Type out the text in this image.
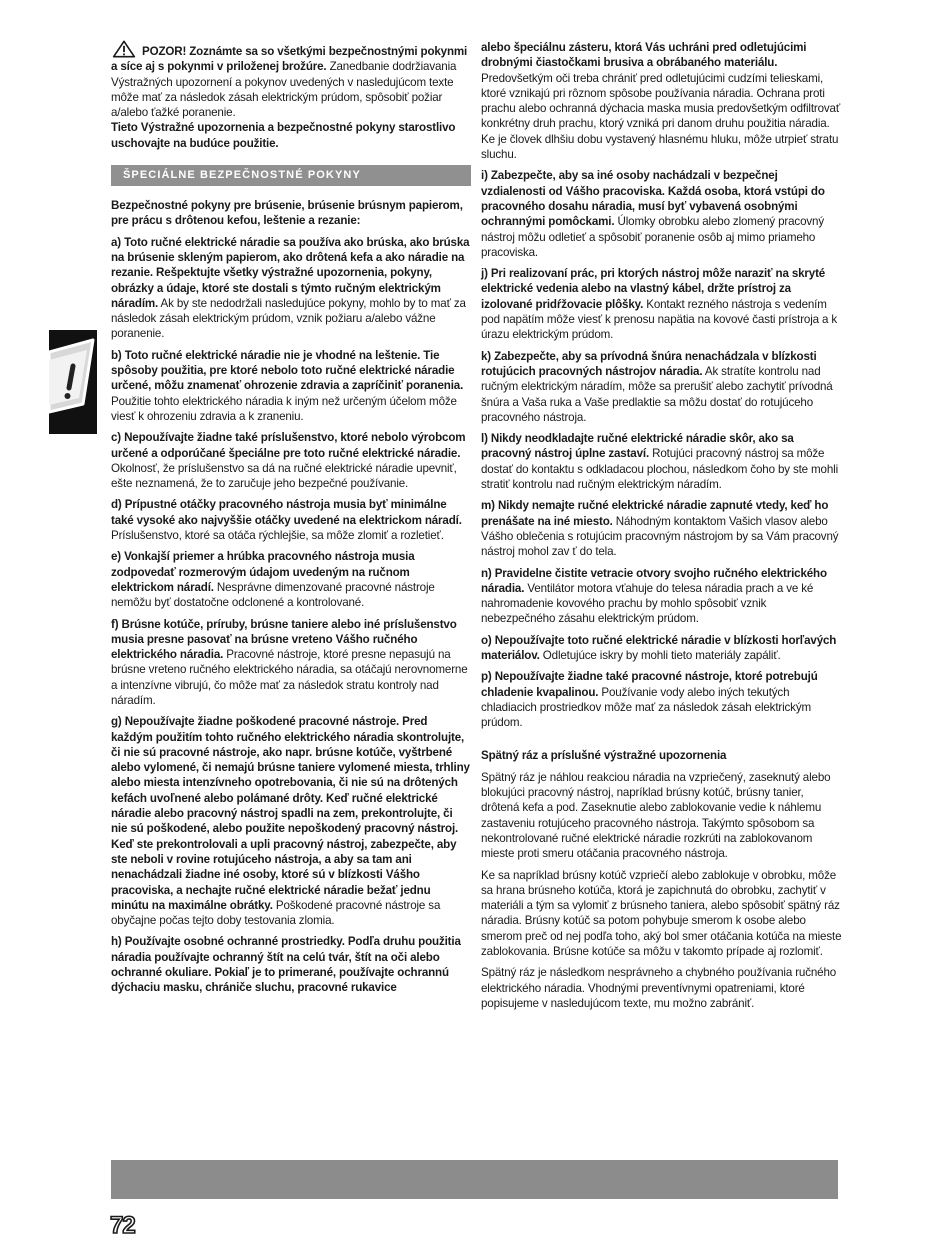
POZOR! Zoznámte sa so všetkými bezpečnostnými pokynmi a síce aj s pokynmi v priloženej brožúre. Zanedbanie dodržiavania Výstražných upozornení a pokynov uvedených v nasledujúcom texte môže mať za následok zásah elektrickým prúdom, spôsobiť požiar a/alebo ťažké poranenie.
Tieto Výstražné upozornenia a bezpečnostné pokyny starostlivo uschovajte na budúce použitie.

ŠPECIÁLNE BEZPEČNOSTNÉ POKYNY

Bezpečnostné pokyny pre brúsenie, brúsenie brúsnym papierom, pre prácu s drôtenou kefou, leštenie a rezanie:

a) Toto ručné elektrické náradie sa používa ako brúska, ako brúska na brúsenie skleným papierom, ako drôtená kefa a ako náradie na rezanie. Rešpektujte všetky výstražné upozornenia, pokyny, obrázky a údaje, ktoré ste dostali s týmto ručným elektrickým náradím. Ak by ste nedodržali nasledujúce pokyny, mohlo by to mať za následok zásah elektrickým prúdom, vznik požiaru a/alebo vážne poranenie.

b) Toto ručné elektrické náradie nie je vhodné na leštenie. Tie spôsoby použitia, pre ktoré nebolo toto ručné elektrické náradie určené, môžu znamenať ohrozenie zdravia a zapríčiniť poranenia. Použitie tohto elektrického náradia k iným než určeným účelom môže viesť k ohrozeniu zdravia a k zraneniu.

c) Nepoužívajte žiadne také príslušenstvo, ktoré nebolo výrobcom určené a odporúčané špeciálne pre toto ručné elektrické náradie. Okolnosť, že príslušenstvo sa dá na ručné elektrické náradie upevniť, ešte neznamená, že to zaručuje jeho bezpečné používanie.

d) Prípustné otáčky pracovného nástroja musia byť minimálne také vysoké ako najvyššie otáčky uvedené na elektrickom náradí. Príslušenstvo, ktoré sa otáča rýchlejšie, sa môže zlomiť a rozletieť.

e) Vonkajší priemer a hrúbka pracovného nástroja musia zodpovedať rozmerovým údajom uvedeným na ručnom elektrickom náradí. Nesprávne dimenzované pracovné nástroje nemôžu byť dostatočne odclonené a kontrolované.

f) Brúsne kotúče, príruby, brúsne taniere alebo iné príslušenstvo musia presne pasovať na brúsne vreteno Vášho ručného elektrického náradia. Pracovné nástroje, ktoré presne nepasujú na brúsne vreteno ručného elektrického náradia, sa otáčajú nerovnomerne a intenzívne vibrujú, čo môže mať za následok stratu kontroly nad náradím.

g) Nepoužívajte žiadne poškodené pracovné nástroje. Pred každým použitím tohto ručného elektrického náradia skontrolujte, či nie sú pracovné nástroje, ako napr. brúsne kotúče, vyštrbené alebo vylomené, či nemajú brúsne taniere vylomené miesta, trhliny alebo miesta intenzívneho opotrebovania, či nie sú na drôtených kefách uvoľnené alebo polámané drôty. Keď ručné elektrické náradie alebo pracovný nástroj spadli na zem, prekontrolujte, či nie sú poškodené, alebo použite nepoškodený pracovný nástroj. Keď ste prekontrolovali a upli pracovný nástroj, zabezpečte, aby ste neboli v rovine rotujúceho nástroja, a aby sa tam ani nenachádzali žiadne iné osoby, ktoré sú v blízkosti Vášho pracoviska, a nechajte ručné elektrické náradie bežať jednu minútu na maximálne obrátky. Poškodené pracovné nástroje sa obyčajne počas tejto doby testovania zlomia.

h) Používajte osobné ochranné prostriedky. Podľa druhu použitia náradia používajte ochranný štít na celú tvár, štít na oči alebo ochranné okuliare. Pokiaľ je to primerané, používajte ochrannú dýchaciu masku, chrániče sluchu, pracovné rukavice

alebo špeciálnu zásteru, ktorá Vás uchráni pred odletujúcimi drobnými čiastočkami brusiva a obrábaného materiálu. Predovšetkým oči treba chrániť pred odletujúcimi cudzími telieskami, ktoré vznikajú pri rôznom spôsobe používania náradia. Ochrana proti prachu alebo ochranná dýchacia maska musia predovšetkým odfiltrovať konkrétny druh prachu, ktorý vzniká pri danom druhu použitia náradia. Ke je človek dlhšiu dobu vystavený hlasnému hluku, môže utrpieť stratu sluchu.

i) Zabezpečte, aby sa iné osoby nachádzali v bezpečnej vzdialenosti od Vášho pracoviska. Každá osoba, ktorá vstúpi do pracovného dosahu náradia, musí byť vybavená osobnými ochrannými pomôckami. Úlomky obrobku alebo zlomený pracovný nástroj môžu odletieť a spôsobiť poranenie osôb aj mimo priameho pracoviska.

j) Pri realizovaní prác, pri ktorých nástroj môže naraziť na skryté elektrické vedenia alebo na vlastný kábel, držte prístroj za izolované pridŕžovacie plôšky. Kontakt rezného nástroja s vedením pod napätím môže viesť k prenosu napätia na kovové časti prístroja a k úrazu elektrickým prúdom.

k) Zabezpečte, aby sa prívodná šnúra nenachádzala v blízkosti rotujúcich pracovných nástrojov náradia. Ak stratíte kontrolu nad ručným elektrickým náradím, môže sa prerušiť alebo zachytiť prívodná šnúra a Vaša ruka a Vaše predlaktie sa môžu dostať do rotujúceho pracovného nástroja.

l) Nikdy neodkladajte ručné elektrické náradie skôr, ako sa pracovný nástroj úplne zastaví. Rotujúci pracovný nástroj sa môže dostať do kontaktu s odkladacou plochou, následkom čoho by ste mohli stratiť kontrolu nad ručným elektrickým náradím.

m) Nikdy nemajte ručné elektrické náradie zapnuté vtedy, keď ho prenášate na iné miesto. Náhodným kontaktom Vašich vlasov alebo Vášho oblečenia s rotujúcim pracovným nástrojom by sa Vám pracovný nástroj mohol zav ť do tela.

n) Pravidelne čistite vetracie otvory svojho ručného elektrického náradia. Ventilátor motora vťahuje do telesa náradia prach a ve ké nahromadenie kovového prachu by mohlo spôsobiť vznik nebezpečného zásahu elektrickým prúdom.

o) Nepoužívajte toto ručné elektrické náradie v blízkosti horľavých materiálov. Odletujúce iskry by mohli tieto materiály zapáliť.

p) Nepoužívajte žiadne také pracovné nástroje, ktoré potrebujú chladenie kvapalinou. Používanie vody alebo iných tekutých chladiacich prostriedkov môže mať za následok zásah elektrickým prúdom.

Spätný ráz a príslušné výstražné upozornenia

Spätný ráz je náhlou reakciou náradia na vzpriečený, zaseknutý alebo blokujúci pracovný nástroj, napríklad brúsny kotúč, brúsny tanier, drôtená kefa a pod. Zaseknutie alebo zablokovanie vedie k náhlemu zastaveniu rotujúceho pracovného nástroja. Takýmto spôsobom sa nekontrolované ručné elektrické náradie rozkrúti na zablokovanom mieste proti smeru otáčania pracovného nástroja.

Ke sa napríklad brúsny kotúč vzpriečí alebo zablokuje v obrobku, môže sa hrana brúsneho kotúča, ktorá je zapichnutá do obrobku, zachytiť v materiáli a tým sa vylomiť z brúsneho taniera, alebo spôsobiť spätný ráz náradia. Brúsny kotúč sa potom pohybuje smerom k osobe alebo smerom preč od nej podľa toho, aký bol smer otáčania kotúča na mieste zablokovania. Brúsne kotúče sa môžu v takomto prípade aj rozlomiť.

Spätný ráz je následkom nesprávneho a chybného používania ručného elektrického náradia. Vhodnými preventívnymi opatreniami, ktoré popisujeme v nasledujúcom texte, mu možno zabrániť.

72
